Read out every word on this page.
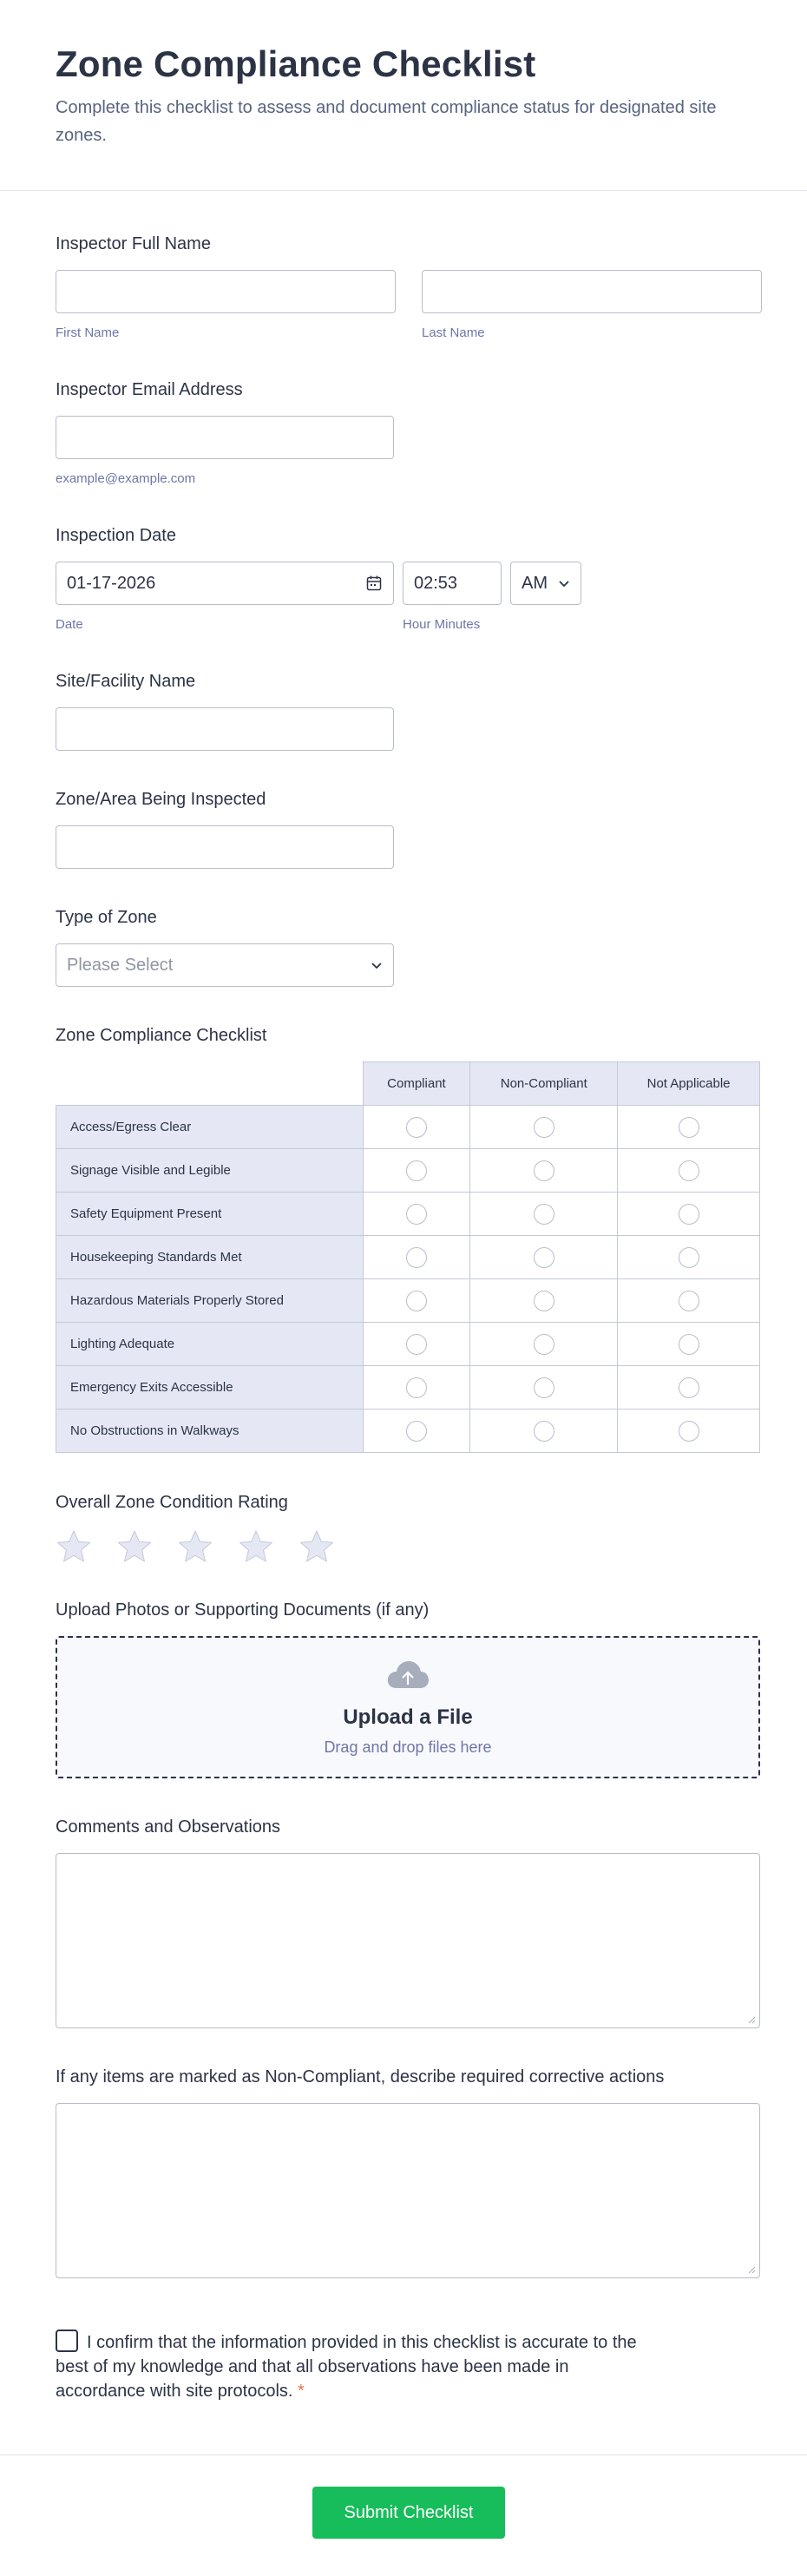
Zone Compliance Checklist

Complete this checklist to assess and document compliance status for designated site zones.

Inspector Full Name
First Name	Last Name
Inspector Email Address
example@example.com
Inspection Date
01-17-2026
Date
02:53
Hour Minutes
AM
Site/Facility Name
Zone/Area Being Inspected
Type of Zone
Please Select
Zone Compliance Checklist
	Compliant	Non-Compliant	Not Applicable
Access/Egress Clear			
Signage Visible and Legible			
Safety Equipment Present			
Housekeeping Standards Met			
Hazardous Materials Properly Stored			
Lighting Adequate			
Emergency Exits Accessible			
No Obstructions in Walkways			
Overall Zone Condition Rating
Upload Photos or Supporting Documents (if any)
Upload a File
Drag and drop files here
Comments and Observations
If any items are marked as Non-Compliant, describe required corrective actions
I confirm that the information provided in this checklist is accurate to the best of my knowledge and that all observations have been made in accordance with site protocols. *
Submit Checklist
